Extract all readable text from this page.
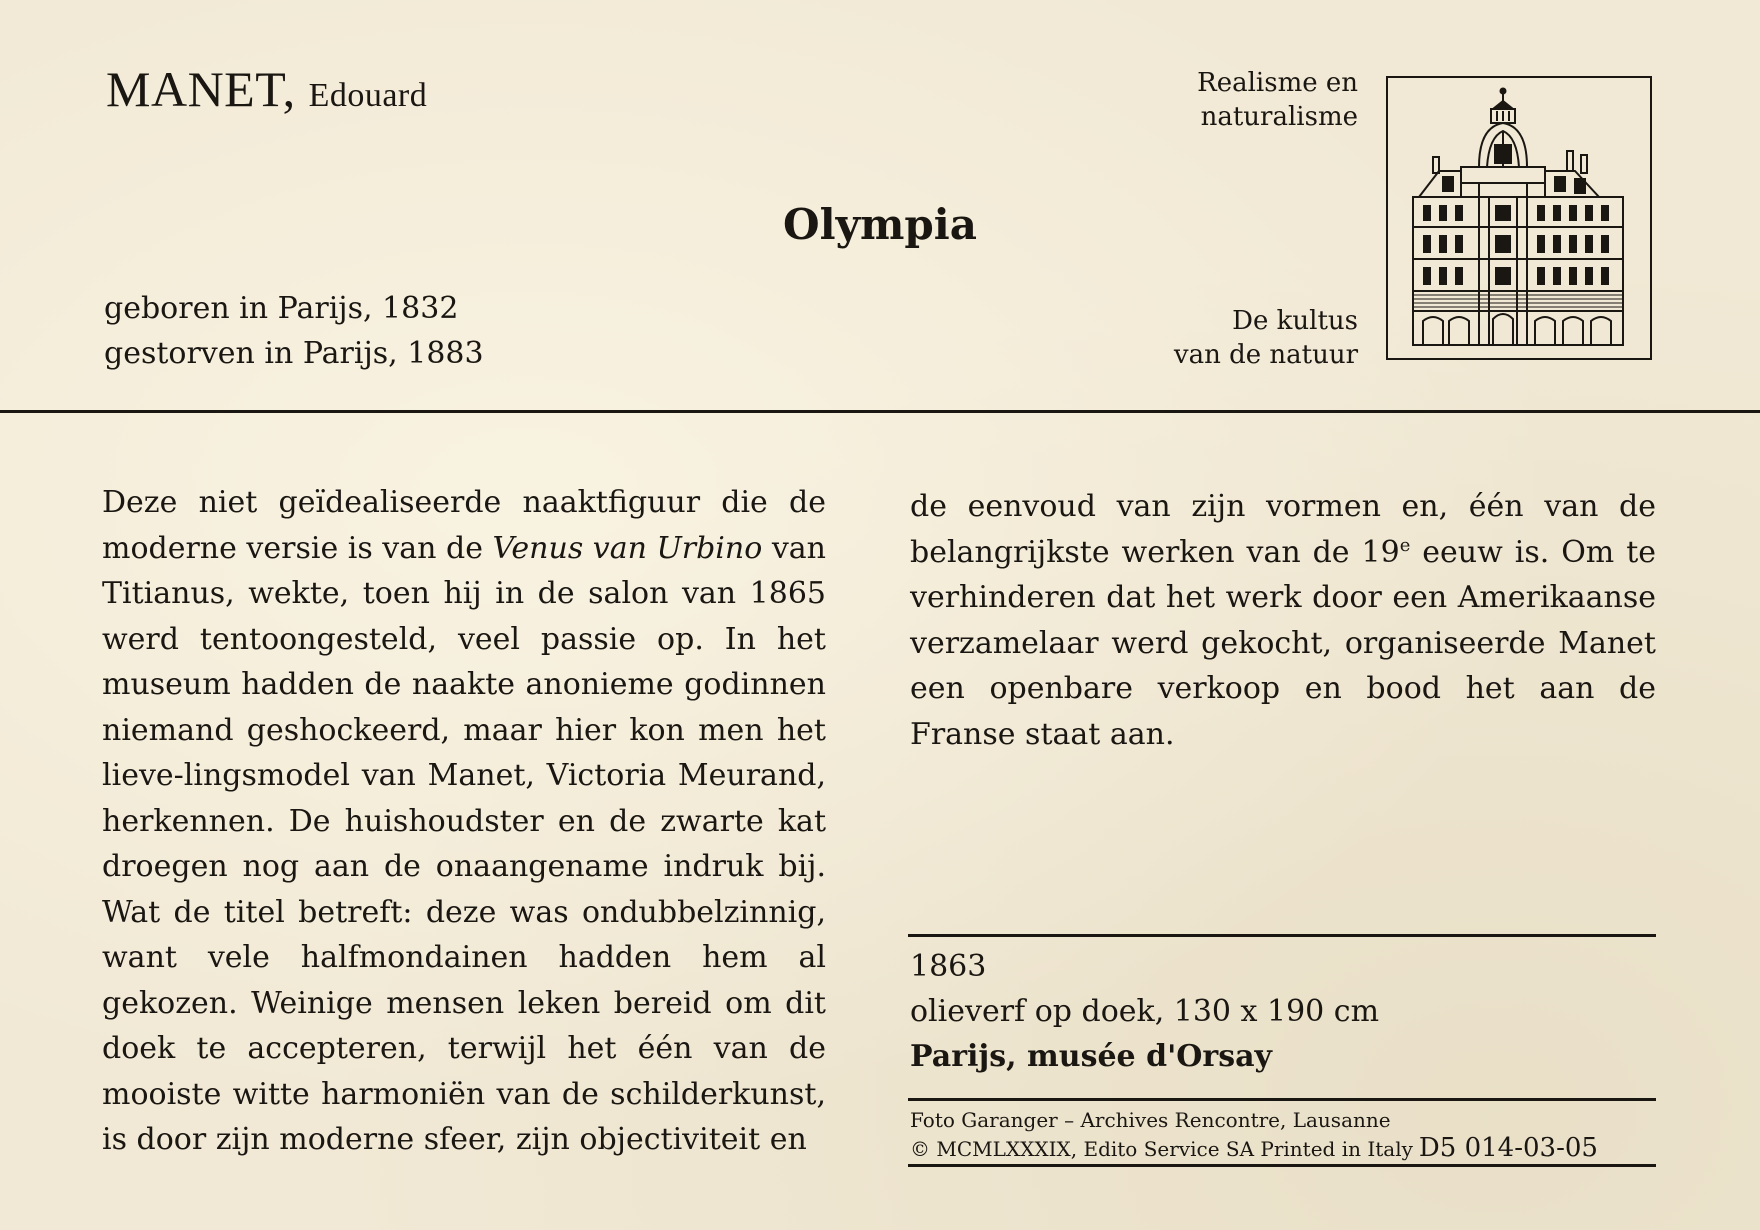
MANET, Edouard
Olympia
geboren in Parijs, 1832
gestorven in Parijs, 1883
Realisme en
naturalisme
De kultus
van de natuur

Deze niet geïdealiseerde naaktfiguur die de moderne versie is van de Venus van Urbino van Titianus, wekte, toen hij in de salon van 1865 werd tentoongesteld, veel passie op. In het museum hadden de naakte anonieme godinnen niemand geshockeerd, maar hier kon men het lieve-lingsmodel van Manet, Victoria Meurand, herkennen. De huishoudster en de zwarte kat droegen nog aan de onaangename indruk bij. Wat de titel betreft: deze was ondubbelzinnig, want vele halfmondainen hadden hem al gekozen. Weinige mensen leken bereid om dit doek te accepteren, terwijl het één van de mooiste witte harmoniën van de schilderkunst, is door zijn moderne sfeer, zijn objectiviteit en

de eenvoud van zijn vormen en, één van de belangrijkste werken van de 19e eeuw is. Om te verhinderen dat het werk door een Amerikaanse verzamelaar werd gekocht, organiseerde Manet een openbare verkoop en bood het aan de Franse staat aan.

1863
olieverf op doek, 130 x 190 cm
Parijs, musée d'Orsay
Foto Garanger – Archives Rencontre, Lausanne
© MCMLXXXIX, Edito Service SA Printed in Italy D5 014-03-05
